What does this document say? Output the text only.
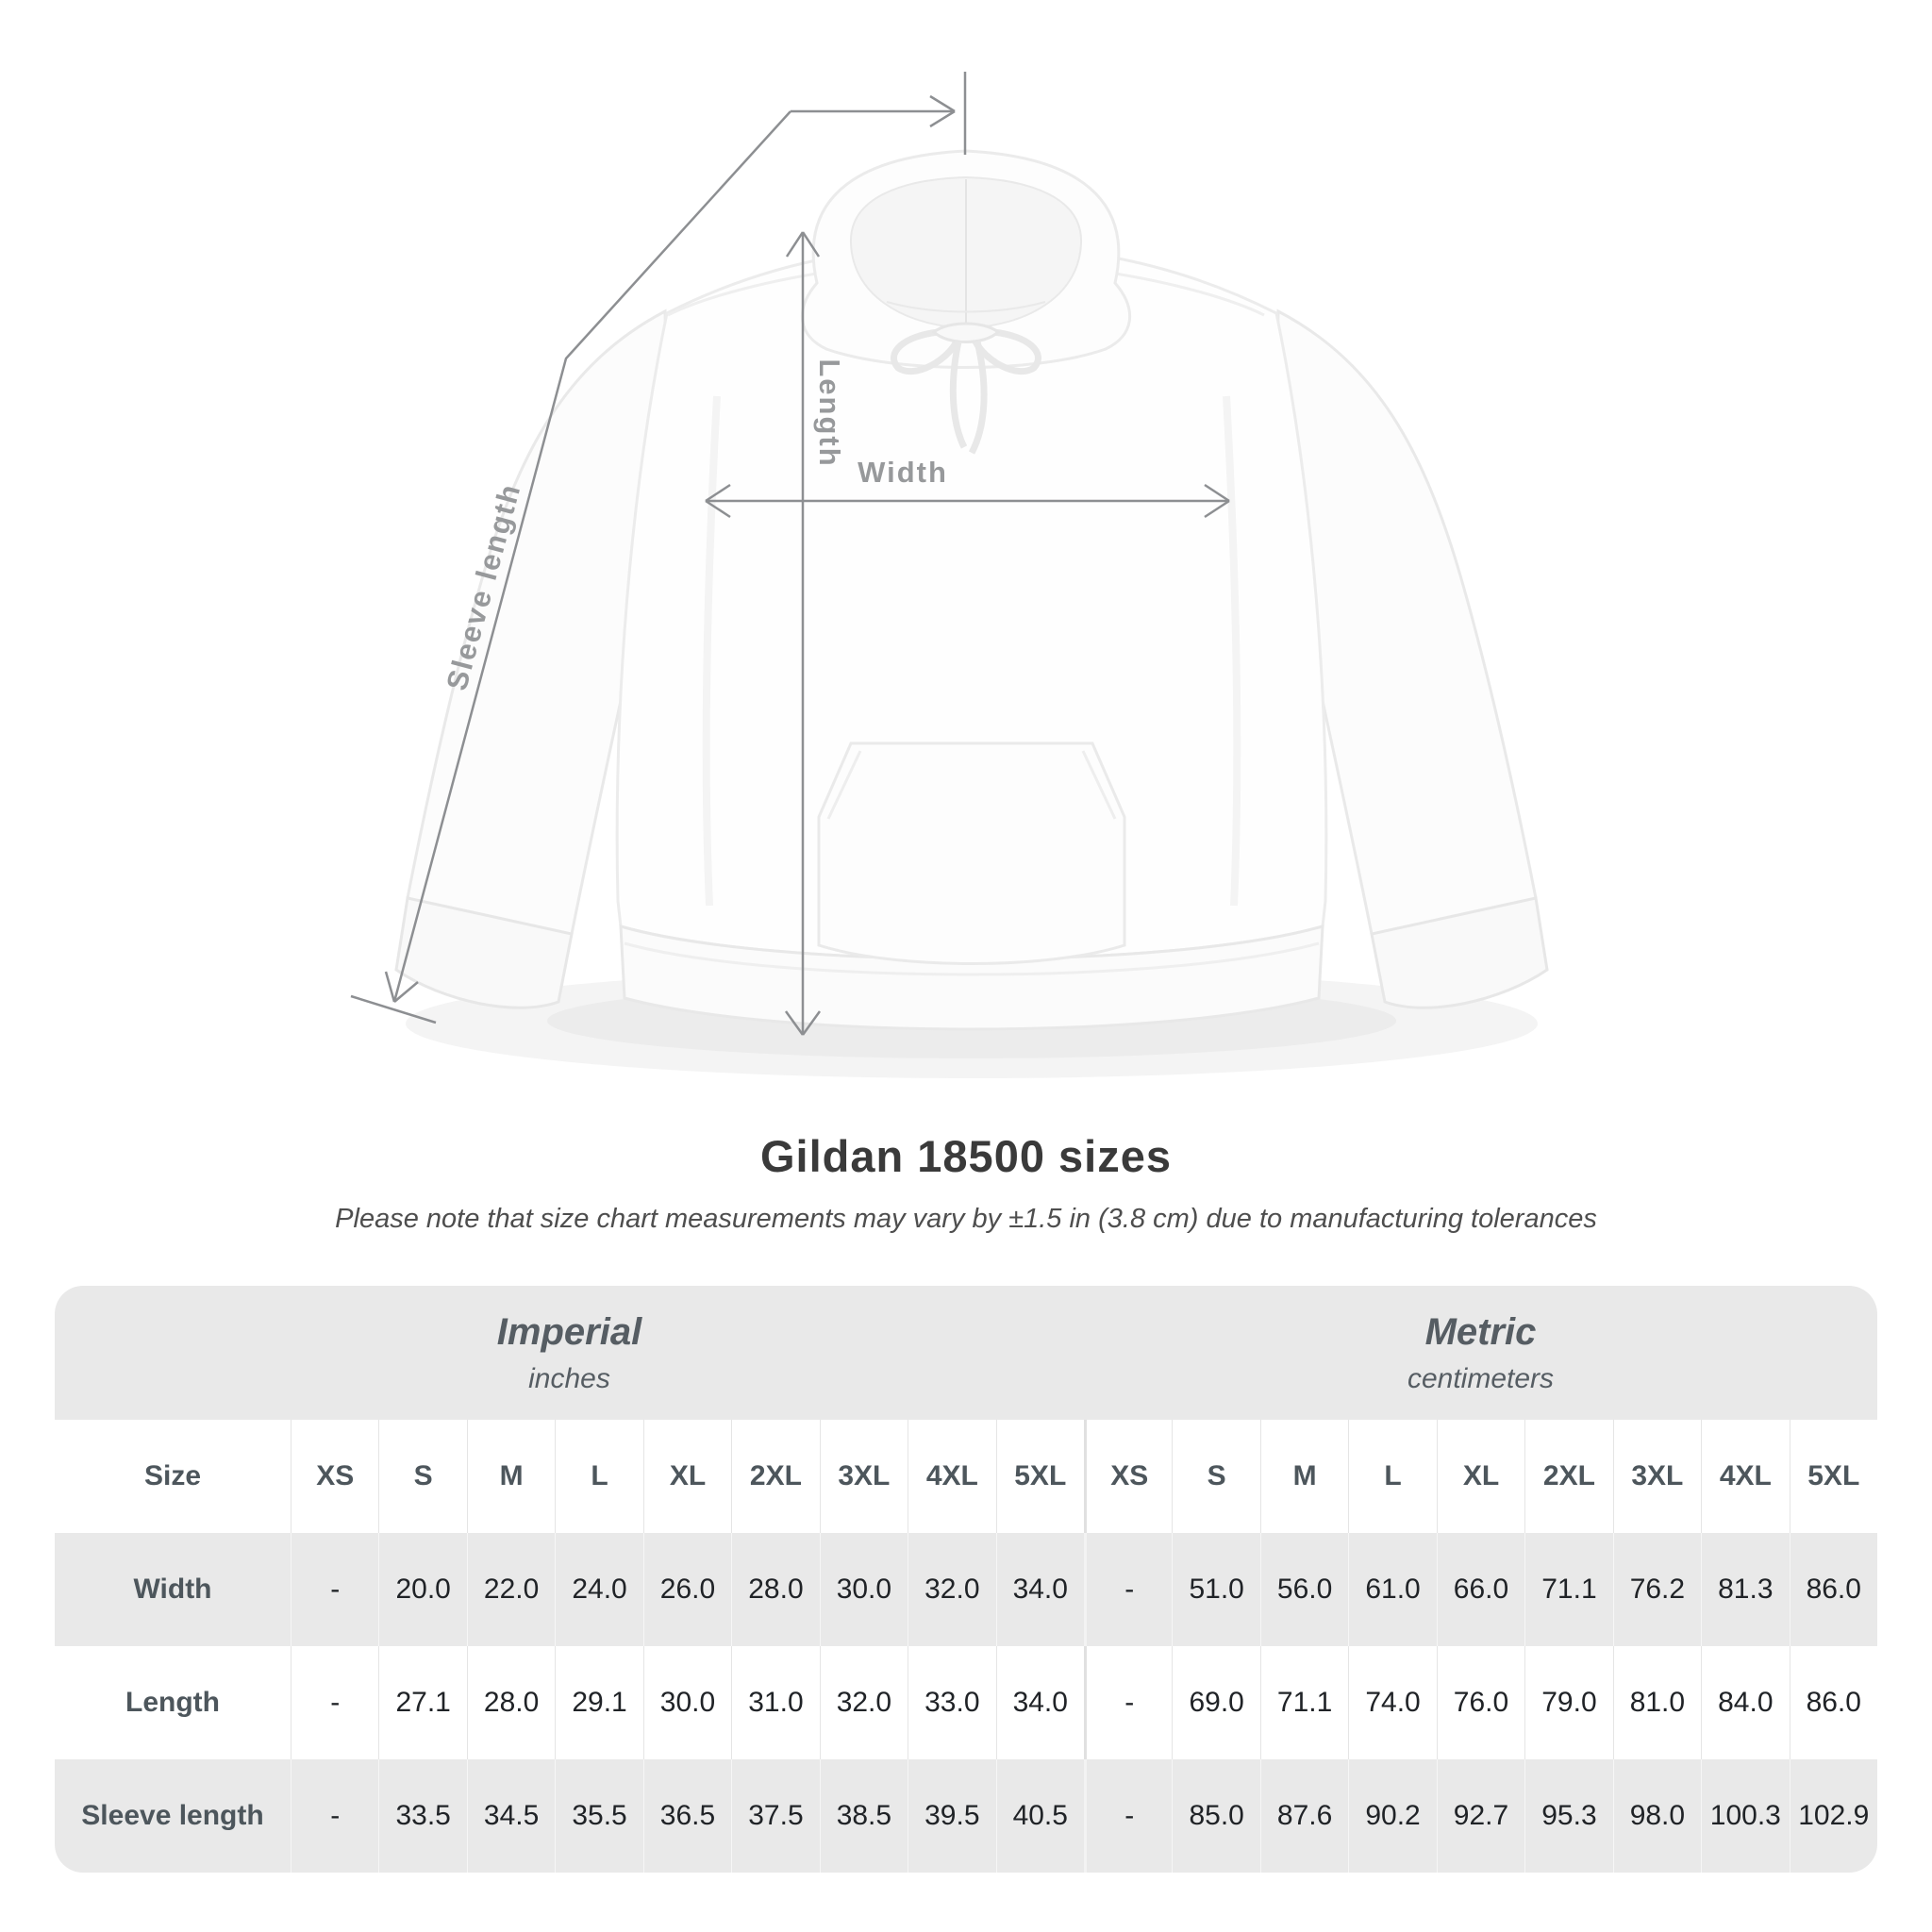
Length
Width
Sleeve length
Gildan 18500 sizes
Please note that size chart measurements may vary by ±1.5 in (3.8 cm) due to manufacturing tolerances
Imperial
inches
Metric
centimeters
Size	XS	S	M	L	XL	2XL	3XL	4XL	5XL	XS	S	M	L	XL	2XL	3XL	4XL	5XL
Width	-	20.0	22.0	24.0	26.0	28.0	30.0	32.0	34.0	-	51.0	56.0	61.0	66.0	71.1	76.2	81.3	86.0
Length	-	27.1	28.0	29.1	30.0	31.0	32.0	33.0	34.0	-	69.0	71.1	74.0	76.0	79.0	81.0	84.0	86.0
Sleeve length	-	33.5	34.5	35.5	36.5	37.5	38.5	39.5	40.5	-	85.0	87.6	90.2	92.7	95.3	98.0 100.3 102.9
